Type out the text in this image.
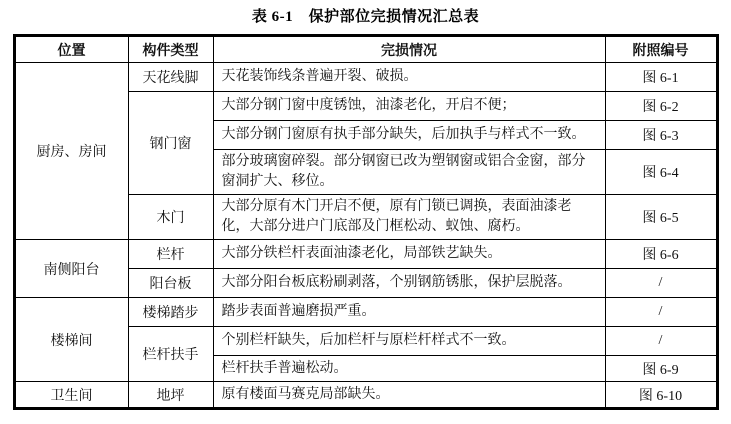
表 6-1　保护部位完损情况汇总表
位置	构件类型	完损情况	附照编号
厨房、房间	天花线脚	天花装饰线条普遍开裂、破损。	图 6-1
	钢门窗	大部分钢门窗中度锈蚀，油漆老化，开启不便；	图 6-2
		大部分钢门窗原有执手部分缺失，后加执手与样式不一致。	图 6-3
		部分玻璃窗碎裂。部分钢窗已改为塑钢窗或铝合金窗，部分窗洞扩大、移位。	图 6-4
	木门	大部分原有木门开启不便，原有门锁已调换，表面油漆老化，大部分进户门底部及门框松动、蚁蚀、腐朽。	图 6-5
南侧阳台	栏杆	大部分铁栏杆表面油漆老化，局部铁艺缺失。	图 6-6
	阳台板	大部分阳台板底粉刷剥落，个别钢筋锈胀，保护层脱落。	/
楼梯间	楼梯踏步	踏步表面普遍磨损严重。	/
	栏杆扶手	个别栏杆缺失，后加栏杆与原栏杆样式不一致。	/
		栏杆扶手普遍松动。	图 6-9
卫生间	地坪	原有楼面马赛克局部缺失。	图 6-10
